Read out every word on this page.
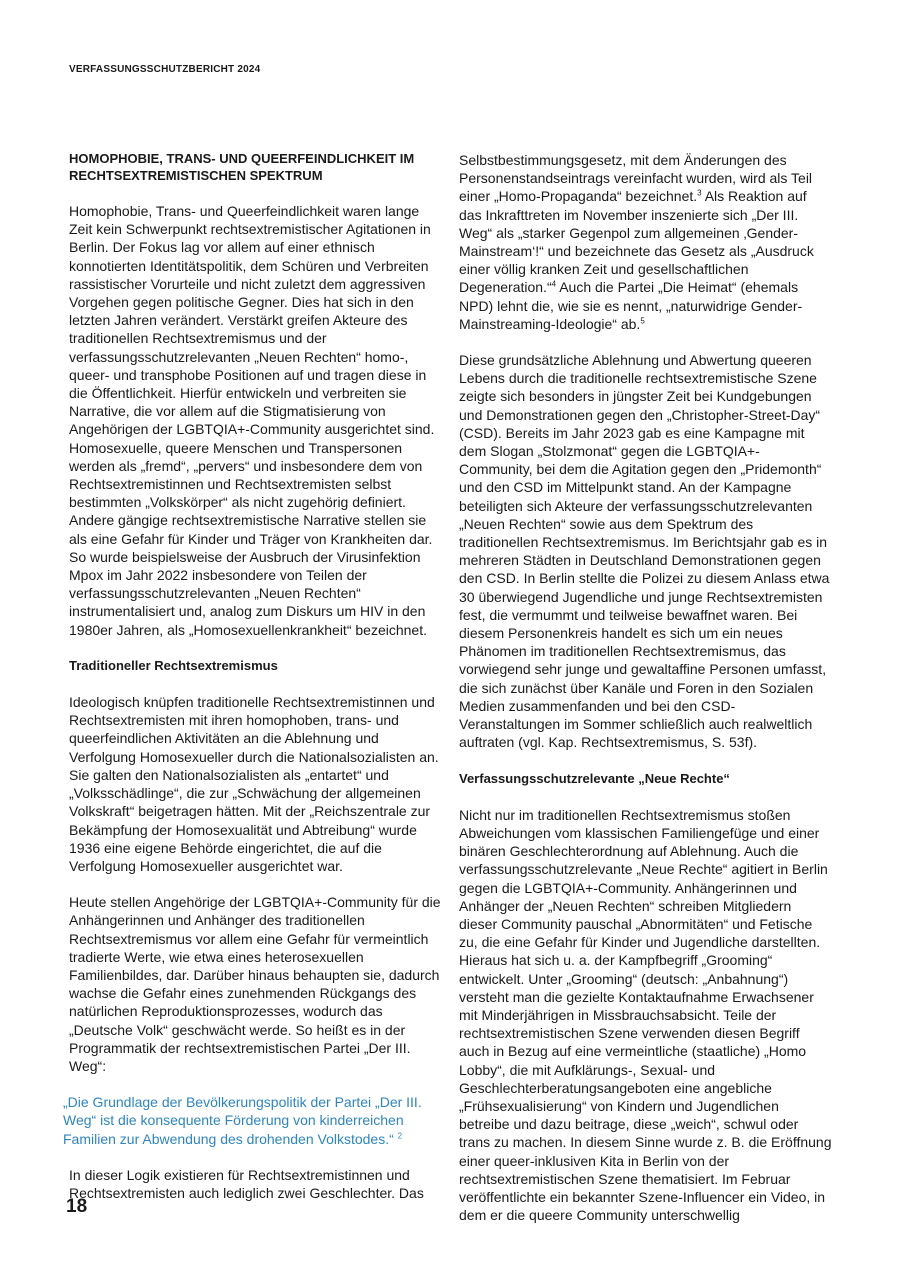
VERFASSUNGSSCHUTZBERICHT 2024

HOMOPHOBIE, TRANS- UND QUEERFEINDLICHKEIT IM RECHTSEXTREMISTISCHEN SPEKTRUM

Homophobie, Trans- und Queerfeindlichkeit waren lange Zeit kein Schwerpunkt rechtsextremistischer Agitationen in Berlin. Der Fokus lag vor allem auf einer ethnisch konnotierten Identitätspolitik, dem Schüren und Verbreiten rassistischer Vorurteile und nicht zuletzt dem aggressiven Vorgehen gegen politische Gegner. Dies hat sich in den letzten Jahren verändert. Verstärkt greifen Akteure des traditionellen Rechtsextremismus und der verfassungsschutzrelevanten „Neuen Rechten“ homo-, queer- und transphobe Positionen auf und tragen diese in die Öffentlichkeit. Hierfür entwickeln und verbreiten sie Narrative, die vor allem auf die Stigmatisierung von Angehörigen der LGBTQIA+-Community ausgerichtet sind. Homosexuelle, queere Menschen und Transpersonen werden als „fremd“, „pervers“ und insbesondere dem von Rechtsextremistinnen und Rechtsextremisten selbst bestimmten „Volkskörper“ als nicht zugehörig definiert. Andere gängige rechtsextremistische Narrative stellen sie als eine Gefahr für Kinder und Träger von Krankheiten dar. So wurde beispielsweise der Ausbruch der Virusinfektion Mpox im Jahr 2022 insbesondere von Teilen der verfassungsschutzrelevanten „Neuen Rechten“ instrumentalisiert und, analog zum Diskurs um HIV in den 1980er Jahren, als „Homosexuellenkrankheit“ bezeichnet.

Traditioneller Rechtsextremismus

Ideologisch knüpfen traditionelle Rechtsextremistinnen und Rechtsextremisten mit ihren homophoben, trans- und queerfeindlichen Aktivitäten an die Ablehnung und Verfolgung Homosexueller durch die Nationalsozialisten an. Sie galten den Nationalsozialisten als „entartet“ und „Volksschädlinge“, die zur „Schwächung der allgemeinen Volkskraft“ beigetragen hätten. Mit der „Reichszentrale zur Bekämpfung der Homosexualität und Abtreibung“ wurde 1936 eine eigene Behörde eingerichtet, die auf die Verfolgung Homosexueller ausgerichtet war.

Heute stellen Angehörige der LGBTQIA+-Community für die Anhängerinnen und Anhänger des traditionellen Rechtsextremismus vor allem eine Gefahr für vermeintlich tradierte Werte, wie etwa eines heterosexuellen Familienbildes, dar. Darüber hinaus behaupten sie, dadurch wachse die Gefahr eines zunehmenden Rückgangs des natürlichen Reproduktionsprozesses, wodurch das „Deutsche Volk“ geschwächt werde. So heißt es in der Programmatik der rechtsextremistischen Partei „Der III. Weg“:

„Die Grundlage der Bevölkerungspolitik der Partei „Der III. Weg“ ist die konsequente Förderung von kinderreichen Familien zur Abwendung des drohenden Volkstodes.“ $^2$

In dieser Logik existieren für Rechtsextremistinnen und Rechtsextremisten auch lediglich zwei Geschlechter. Das

Selbstbestimmungsgesetz, mit dem Änderungen des Personenstandseintrags vereinfacht wurden, wird als Teil einer „Homo-Propaganda“ bezeichnet.$^3$ Als Reaktion auf das Inkrafttreten im November inszenierte sich „Der III. Weg“ als „starker Gegenpol zum allgemeinen ‚Gender-Mainstream‘!“ und bezeichnete das Gesetz als „Ausdruck einer völlig kranken Zeit und gesellschaftlichen Degeneration.“$^4$ Auch die Partei „Die Heimat“ (ehemals NPD) lehnt die, wie sie es nennt, „naturwidrige Gender-Mainstreaming-Ideologie“ ab.$^5$

Diese grundsätzliche Ablehnung und Abwertung queeren Lebens durch die traditionelle rechtsextremistische Szene zeigte sich besonders in jüngster Zeit bei Kundgebungen und Demonstrationen gegen den „Christopher-Street-Day“ (CSD). Bereits im Jahr 2023 gab es eine Kampagne mit dem Slogan „Stolzmonat“ gegen die LGBTQIA+-Community, bei dem die Agitation gegen den „Pridemonth“ und den CSD im Mittelpunkt stand. An der Kampagne beteiligten sich Akteure der verfassungsschutzrelevanten „Neuen Rechten“ sowie aus dem Spektrum des traditionellen Rechtsextremismus. Im Berichtsjahr gab es in mehreren Städten in Deutschland Demonstrationen gegen den CSD. In Berlin stellte die Polizei zu diesem Anlass etwa 30 überwiegend Jugendliche und junge Rechtsextremisten fest, die vermummt und teilweise bewaffnet waren. Bei diesem Personenkreis handelt es sich um ein neues Phänomen im traditionellen Rechtsextremismus, das vorwiegend sehr junge und gewaltaffine Personen umfasst, die sich zunächst über Kanäle und Foren in den Sozialen Medien zusammenfanden und bei den CSD-Veranstaltungen im Sommer schließlich auch realweltlich auftraten (vgl. Kap. Rechtsextremismus, S. 53f).

Verfassungsschutzrelevante „Neue Rechte“

Nicht nur im traditionellen Rechtsextremismus stoßen Abweichungen vom klassischen Familiengefüge und einer binären Geschlechterordnung auf Ablehnung. Auch die verfassungsschutzrelevante „Neue Rechte“ agitiert in Berlin gegen die LGBTQIA+-Community. Anhängerinnen und Anhänger der „Neuen Rechten“ schreiben Mitgliedern dieser Community pauschal „Abnormitäten“ und Fetische zu, die eine Gefahr für Kinder und Jugendliche darstellten. Hieraus hat sich u. a. der Kampfbegriff „Grooming“ entwickelt. Unter „Grooming“ (deutsch: „Anbahnung“) versteht man die gezielte Kontaktaufnahme Erwachsener mit Minderjährigen in Missbrauchsabsicht. Teile der rechtsextremistischen Szene verwenden diesen Begriff auch in Bezug auf eine vermeintliche (staatliche) „Homo Lobby“, die mit Aufklärungs-, Sexual- und Geschlechterberatungsangeboten eine angebliche „Frühsexualisierung“ von Kindern und Jugendlichen betreibe und dazu beitrage, diese „weich“, schwul oder trans zu machen. In diesem Sinne wurde z. B. die Eröffnung einer queer-inklusiven Kita in Berlin von der rechtsextremistischen Szene thematisiert. Im Februar veröffentlichte ein bekannter Szene-Influencer ein Video, in dem er die queere Community unterschwellig

18
